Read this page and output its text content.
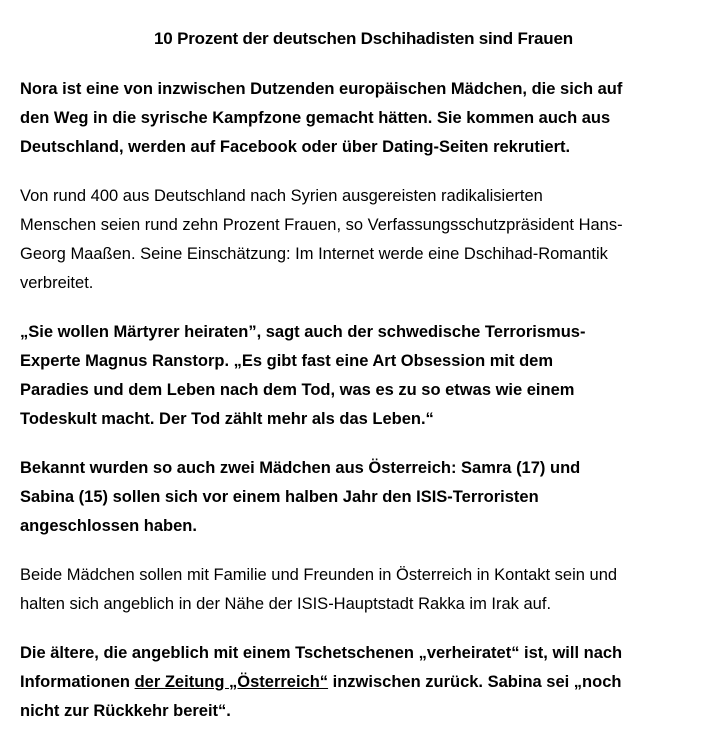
10 Prozent der deutschen Dschihadisten sind Frauen

Nora ist eine von inzwischen Dutzenden europäischen Mädchen, die sich auf
den Weg in die syrische Kampfzone gemacht hätten. Sie kommen auch aus
Deutschland, werden auf Facebook oder über Dating-Seiten rekrutiert.

Von rund 400 aus Deutschland nach Syrien ausgereisten radikalisierten
Menschen seien rund zehn Prozent Frauen, so Verfassungsschutzpräsident Hans-
Georg Maaßen. Seine Einschätzung: Im Internet werde eine Dschihad-Romantik
verbreitet.

„Sie wollen Märtyrer heiraten”, sagt auch der schwedische Terrorismus-
Experte Magnus Ranstorp. „Es gibt fast eine Art Obsession mit dem
Paradies und dem Leben nach dem Tod, was es zu so etwas wie einem
Todeskult macht. Der Tod zählt mehr als das Leben.“

Bekannt wurden so auch zwei Mädchen aus Österreich: Samra (17) und
Sabina (15) sollen sich vor einem halben Jahr den ISIS-Terroristen
angeschlossen haben.

Beide Mädchen sollen mit Familie und Freunden in Österreich in Kontakt sein und
halten sich angeblich in der Nähe der ISIS-Hauptstadt Rakka im Irak auf.

Die ältere, die angeblich mit einem Tschetschenen „verheiratet“ ist, will nach
Informationen der Zeitung „Österreich“ inzwischen zurück. Sabina sei „noch
nicht zur Rückkehr bereit“.
